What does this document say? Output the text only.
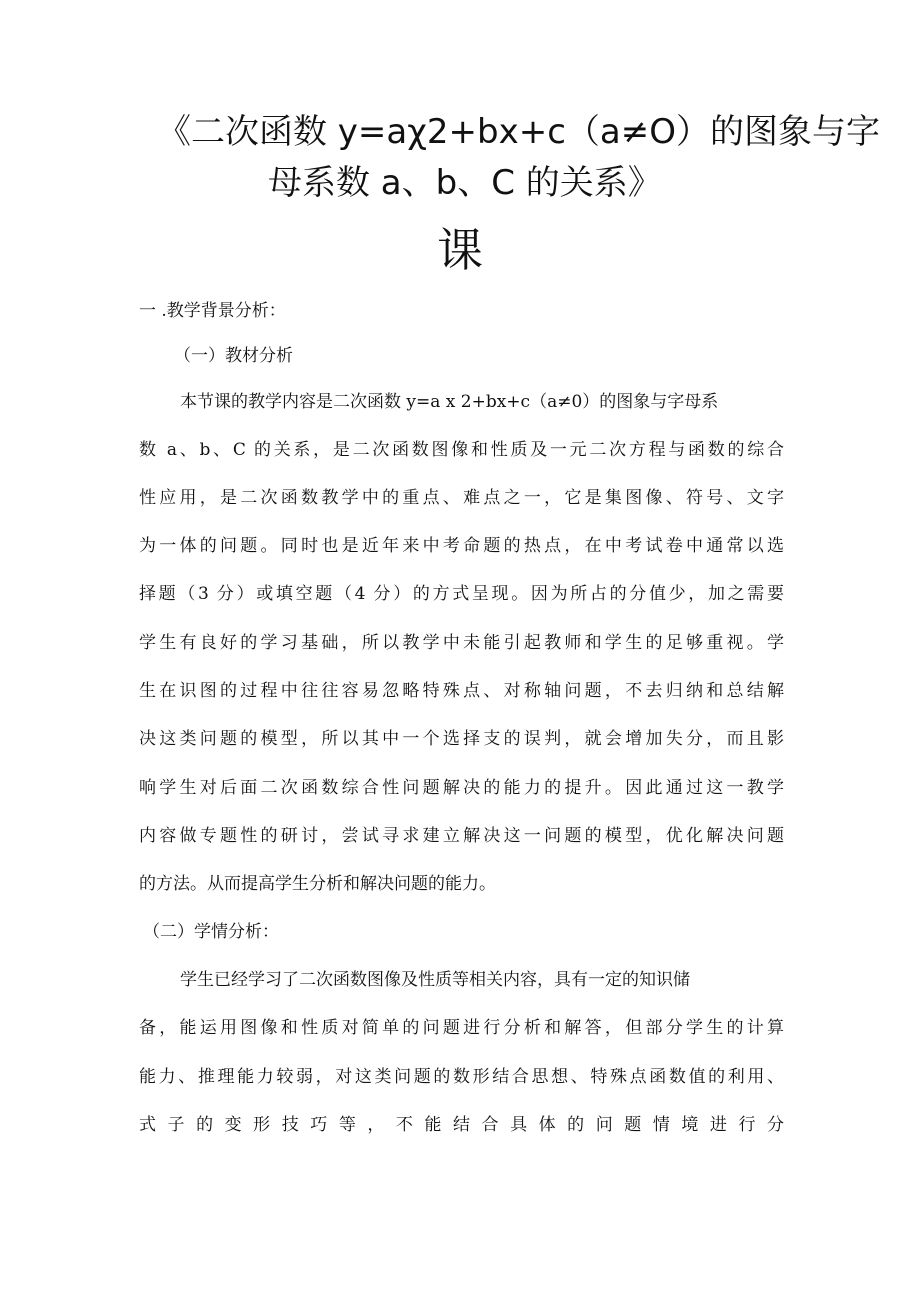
《二次函数 y=aχ2+bx+c（a≠O）的图象与字
母系数 a、b、C 的关系》
课
一 .教学背景分析：
（一）教材分析
本节课的教学内容是二次函数 y=a x 2+bx+c（a≠0）的图象与字母系
数 a、b、C 的关系，是二次函数图像和性质及一元二次方程与函数的综合
性应用，是二次函数教学中的重点、难点之一，它是集图像、符号、文字
为一体的问题。同时也是近年来中考命题的热点，在中考试卷中通常以选
择题（3 分）或填空题（4 分）的方式呈现。因为所占的分值少，加之需要
学生有良好的学习基础，所以教学中未能引起教师和学生的足够重视。学
生在识图的过程中往往容易忽略特殊点、对称轴问题，不去归纳和总结解
决这类问题的模型，所以其中一个选择支的误判，就会增加失分，而且影
响学生对后面二次函数综合性问题解决的能力的提升。因此通过这一教学
内容做专题性的研讨，尝试寻求建立解决这一问题的模型，优化解决问题
的方法。从而提高学生分析和解决问题的能力。
（二）学情分析：
学生已经学习了二次函数图像及性质等相关内容，具有一定的知识储
备，能运用图像和性质对简单的问题进行分析和解答，但部分学生的计算
能力、推理能力较弱，对这类问题的数形结合思想、特殊点函数值的利用、
式 子 的 变 形 技 巧 等 ， 不 能 结 合 具 体 的 问 题 情 境 进 行 分
